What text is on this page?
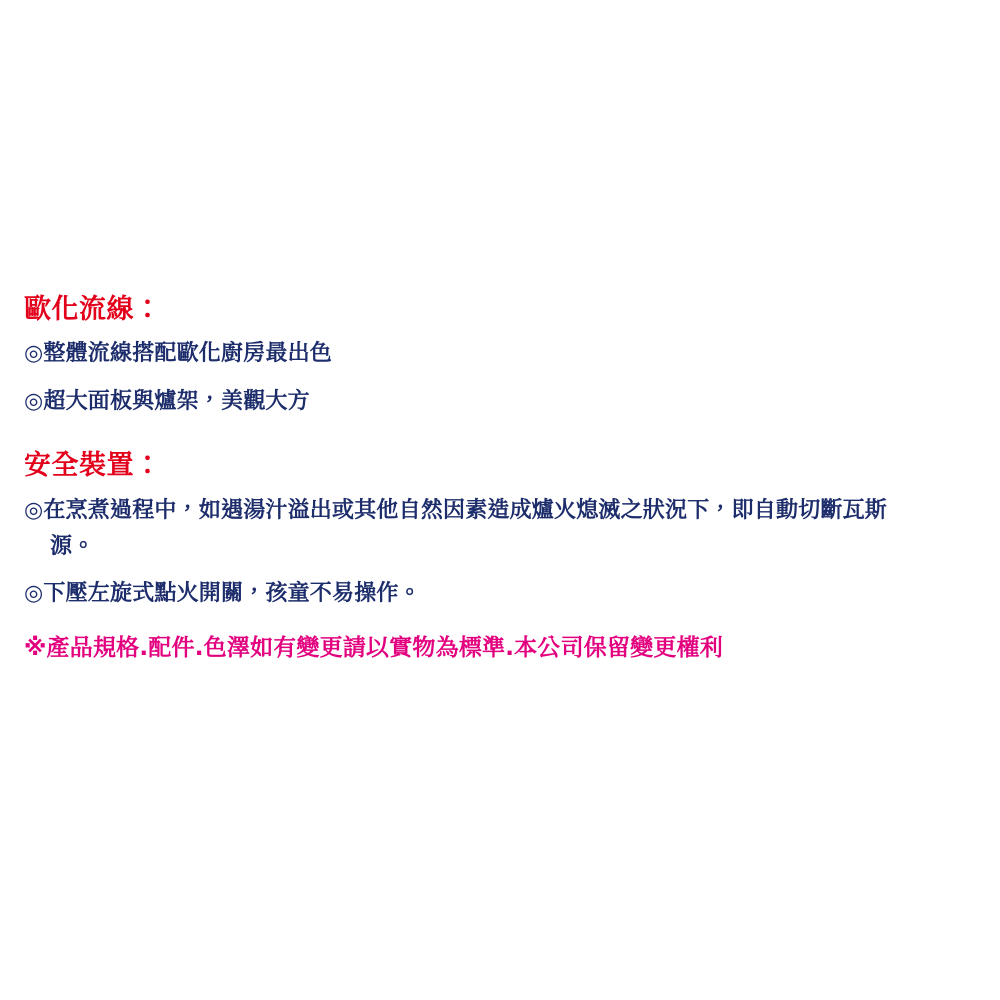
歐化流線：
◎整體流線搭配歐化廚房最出色
◎超大面板與爐架，美觀大方
安全裝置：
◎在烹煮過程中，如遇湯汁溢出或其他自然因素造成爐火熄滅之狀況下，即自動切斷瓦斯
源。
◎下壓左旋式點火開關，孩童不易操作。
※產品規格.配件.色澤如有變更請以實物為標準.本公司保留變更權利
